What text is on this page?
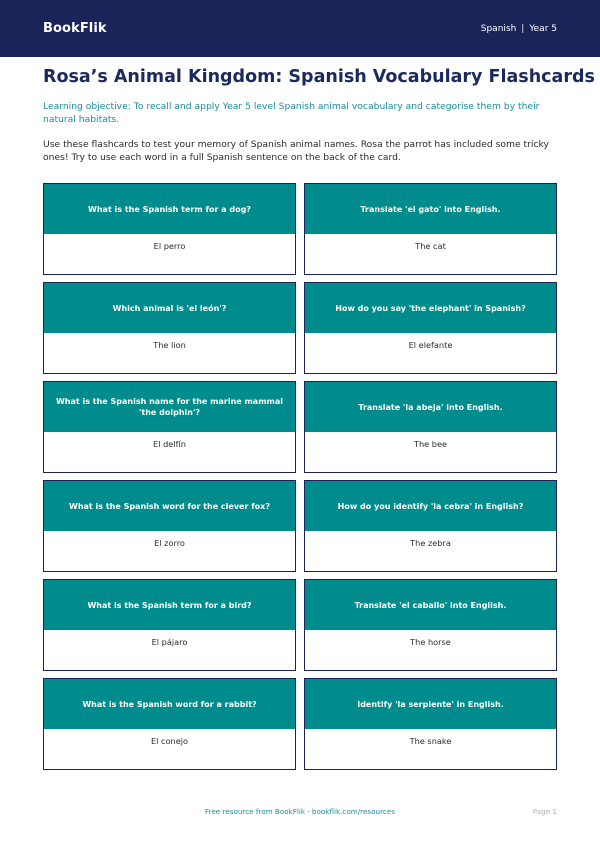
BookFlik	Spanish | Year 5
Rosa’s Animal Kingdom: Spanish Vocabulary Flashcards

Learning objective: To recall and apply Year 5 level Spanish animal vocabulary and categorise them by their natural habitats.

Use these flashcards to test your memory of Spanish animal names. Rosa the parrot has included some tricky ones! Try to use each word in a full Spanish sentence on the back of the card.

What is the Spanish term for a dog?
El perro
Translate 'el gato' into English.
The cat
Which animal is 'el león'?
The lion
How do you say 'the elephant' in Spanish?
El elefante
What is the Spanish name for the marine mammal 'the dolphin'?
El delfín
Translate 'la abeja' into English.
The bee
What is the Spanish word for the clever fox?
El zorro
How do you identify 'la cebra' in English?
The zebra
What is the Spanish term for a bird?
El pájaro
Translate 'el caballo' into English.
The horse
What is the Spanish word for a rabbit?
El conejo
Identify 'la serpiente' in English.
The snake
Free resource from BookFlik · bookflik.com/resources	Page 1
